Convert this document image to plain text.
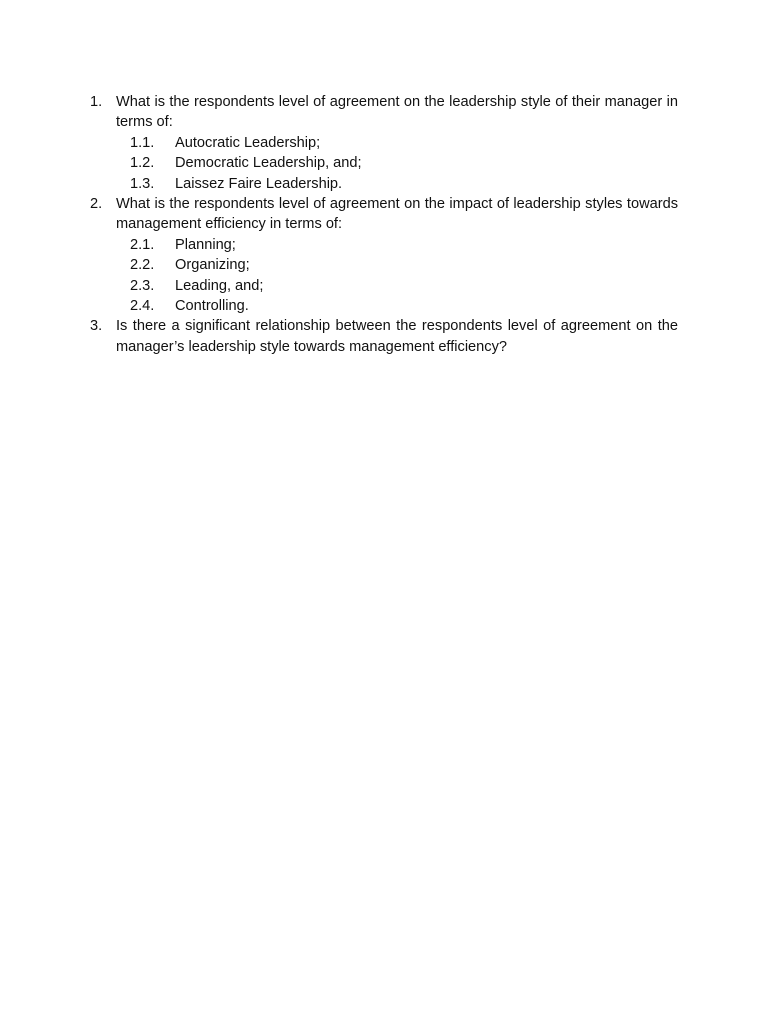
1. What is the respondents level of agreement on the leadership style of their manager in terms of:
1.1. Autocratic Leadership;
1.2. Democratic Leadership, and;
1.3. Laissez Faire Leadership.
2. What is the respondents level of agreement on the impact of leadership styles towards management efficiency in terms of:
2.1. Planning;
2.2. Organizing;
2.3. Leading, and;
2.4. Controlling.
3. Is there a significant relationship between the respondents level of agreement on the manager’s leadership style towards management efficiency?
